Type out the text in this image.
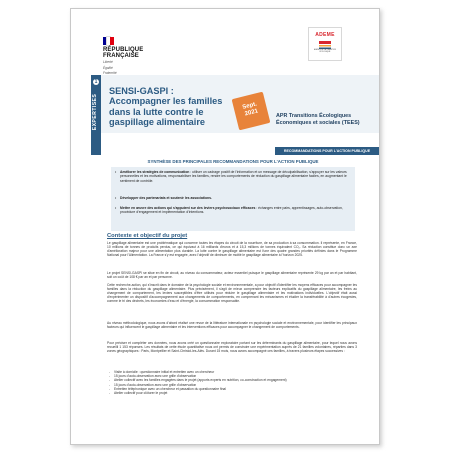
RÉPUBLIQUE
FRANÇAISE
Liberté
Égalité
Fraternité
ADEME
AGENCE DE LA TRANSITION ÉCOLOGIQUE
1
EXPERTISES
SENSI-GASPI : Accompagner les familles dans la lutte contre le gaspillage alimentaire
Sept.
2021	APR Transitions Écologiques Économiques et sociales (TEES)
RECOMMANDATIONS POUR L'ACTION PUBLIQUE
SYNTHÈSE DES PRINCIPALES RECOMMANDATIONS POUR L'ACTION PUBLIQUE
• Améliorer les stratégies de communication : utiliser un cadrage positif de l'information et un message de déculpabilisation, s'appuyer sur les valeurs personnelles et les motivations, responsabiliser les familles, rendre les comportements de réduction du gaspillage alimentaire faciles, en augmentant le sentiment de contrôle.
• Développer des partenariats et soutenir les associations.
• Mettre en œuvre des actions qui s'appuient sur des leviers psychosociaux efficaces : échanges entre pairs, apprentissages, auto-observation, procédure d'engagement et implémentation d'intentions.
Contexte et objectif du projet

Le gaspillage alimentaire est une problématique qui concerne toutes les étapes du circuit de la nourriture, de sa production à sa consommation. Il représente, en France, 10 millions de tonnes de produits perdus, ce qui équivaut à 16 milliards d'euros et à 15,3 millions de tonnes équivalent CO₂. Sa réduction constitue donc un axe d'amélioration majeur pour une alimentation plus durable. La lutte contre le gaspillage alimentaire est l'une des quatre grandes priorités définies dans le Programme National pour l'Alimentation. La France s'y est engagée, avec l'objectif de diminuer de moitié le gaspillage alimentaire à l'horizon 2025.

Le projet SENSI-GASPI se situe en fin de circuit, au niveau du consommateur, acteur essentiel puisque le gaspillage alimentaire représente 29 kg par an et par habitant, soit un coût de 108 € par an et par personne.

Cette recherche-action, qui s'inscrit dans le domaine de la psychologie sociale et environnementale, a pour objectif d'identifier les moyens efficaces pour accompagner les familles dans la réduction du gaspillage alimentaire. Plus précisément, il s'agit de mieux comprendre les facteurs explicatifs du gaspillage alimentaire, les freins au changement de comportement, les leviers susceptibles d'être utilisés pour réduire le gaspillage alimentaire et les motivations individuelles. L'objectif était aussi d'expérimenter un dispositif d'accompagnement aux changements de comportements, en comprenant les mécanismes et étudier la transférabilité à d'autres écogestes, comme le tri des déchets, les économies d'eau et d'énergie, la consommation responsable.

Au niveau méthodologique, nous avons d'abord réalisé une revue de la littérature internationale en psychologie sociale et environnementale, pour identifier les principaux facteurs qui influencent le gaspillage alimentaire et les interventions efficaces pour accompagner le changement de comportements.

Pour préciser et compléter ces données, nous avons créé un questionnaire exploratoire portant sur les déterminants du gaspillage alimentaire, pour lequel nous avons recueilli 1 153 réponses. Les résultats de cette étude quantitative nous ont permis de construire une expérimentation auprès de 21 familles volontaires, réparties dans 3 zones géographiques : Paris, Montpellier et Saint-Christol-les-Alès. Durant 15 mois, nous avons accompagné ces familles, à travers plusieurs étapes successives :

- Visite à domicile : questionnaire initial et entretien avec un chercheur
- 15 jours d'auto-observation avec une grille d'observation
- Atelier collectif avec les familles engagées dans le projet (apports experts en nutrition, co-construction et engagement)
- 15 jours d'auto-observation avec une grille d'observation
- Entretien téléphonique avec un chercheur et passation du questionnaire final
- Atelier collectif pour clôturer le projet
